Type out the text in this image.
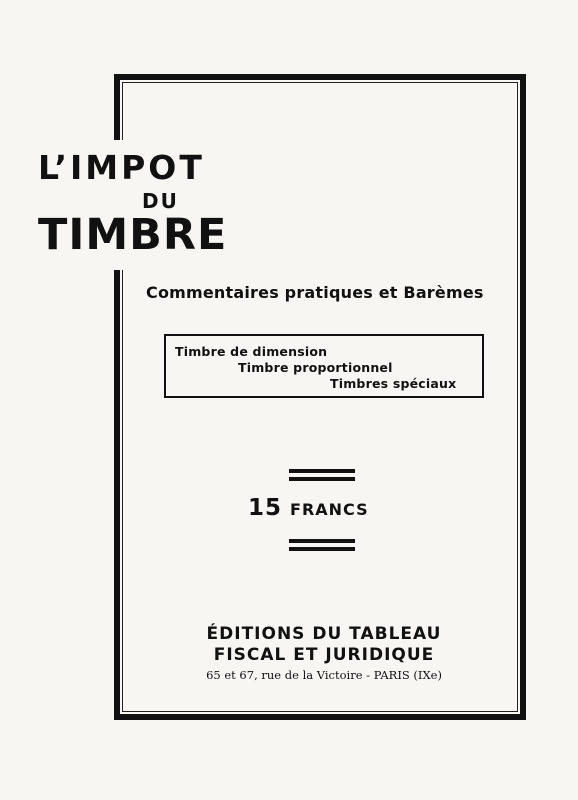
L’IMPOT
DU
TIMBRE

Commentaires pratiques et Barèmes

Timbre de dimension

Timbre proportionnel

Timbres spéciaux

15 FRANCS

ÉDITIONS DU TABLEAU

FISCAL ET JURIDIQUE

65 et 67, rue de la Victoire - PARIS (IXe)
